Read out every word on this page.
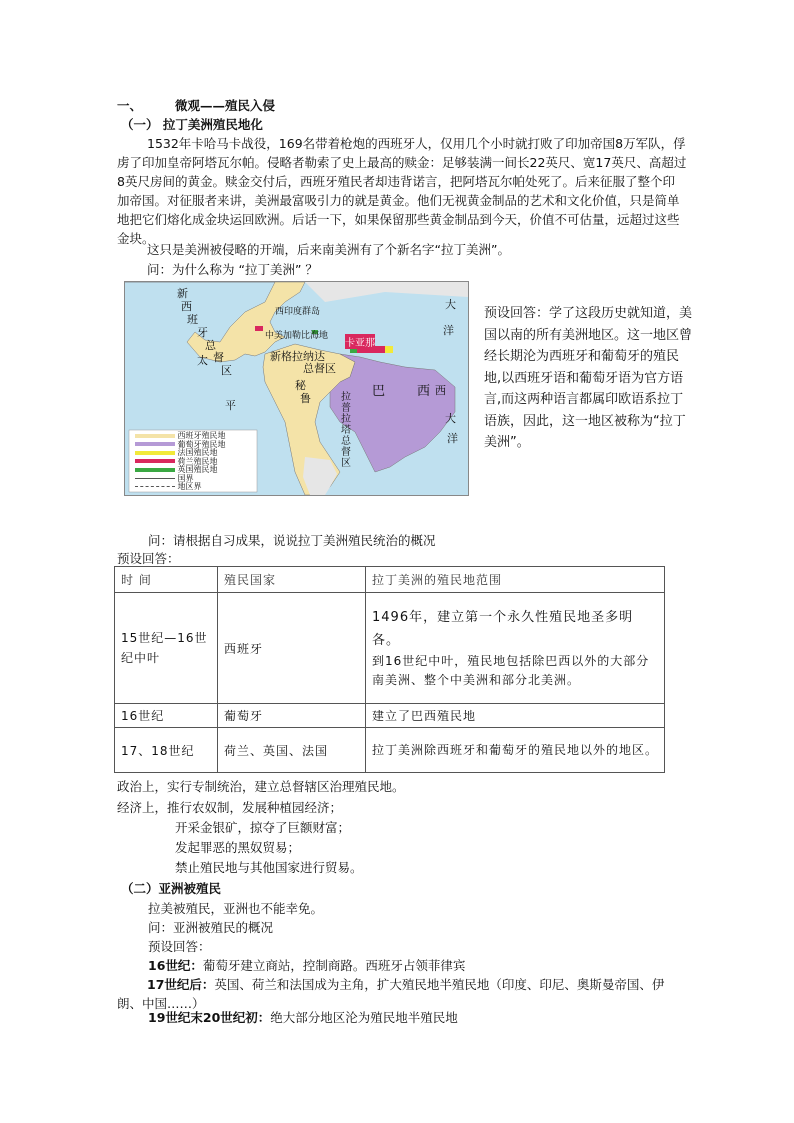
一、	微观——殖民入侵
（一） 拉丁美洲殖民地化

1532年卡哈马卡战役，169名带着枪炮的西班牙人，仅用几个小时就打败了印加帝国8万军队，俘虏了印加皇帝阿塔瓦尔帕。侵略者勒索了史上最高的赎金：足够装满一间长22英尺、宽17英尺、高超过8英尺房间的黄金。赎金交付后，西班牙殖民者却违背诺言，把阿塔瓦尔帕处死了。后来征服了整个印加帝国。对征服者来讲，美洲最富吸引力的就是黄金。他们无视黄金制品的艺术和文化价值，只是简单地把它们熔化成金块运回欧洲。后话一下，如果保留那些黄金制品到今天，价值不可估量，远超过这些金块。

这只是美洲被侵略的开端，后来南美洲有了个新名字“拉丁美洲”。

问：为什么称为 “拉丁美洲” ？

新
西
班
牙
总
督
区
西印度群岛
大
洋
中美加勒比海地
新格拉纳达
总督区
卡亚那
太
平
秘
鲁	巴 西
拉普拉塔总督区
大
洋
西
西班牙殖民地
葡萄牙殖民地
法国殖民地
荷兰殖民地
英国殖民地
国界
地区界
预设回答：学了这段历史就知道，美国以南的所有美洲地区。这一地区曾经长期沦为西班牙和葡萄牙的殖民地,以西班牙语和葡萄牙语为官方语言,而这两种语言都属印欧语系拉丁语族，因此，这一地区被称为“拉丁美洲”。
问：请根据自习成果，说说拉丁美洲殖民统治的概况
预设回答：
时 间	殖民国家	拉丁美洲的殖民地范围
15世纪—16世纪中叶	西班牙	1496年，建立第一个永久性殖民地圣多明各。
到16世纪中叶，殖民地包括除巴西以外的大部分南美洲、整个中美洲和部分北美洲。

16世纪	葡萄牙	建立了巴西殖民地
17、18世纪	荷兰、英国、法国	拉丁美洲除西班牙和葡萄牙的殖民地以外的地区。
政治上，实行专制统治，建立总督辖区治理殖民地。
经济上，推行农奴制，发展种植园经济；
开采金银矿，掠夺了巨额财富；
发起罪恶的黑奴贸易；
禁止殖民地与其他国家进行贸易。
（二）亚洲被殖民
拉美被殖民，亚洲也不能幸免。
问：亚洲被殖民的概况
预设回答：
16世纪：葡萄牙建立商站，控制商路。西班牙占领菲律宾

17世纪后：英国、荷兰和法国成为主角，扩大殖民地半殖民地（印度、印尼、奥斯曼帝国、伊朗、中国……）

19世纪末20世纪初：绝大部分地区沦为殖民地半殖民地
